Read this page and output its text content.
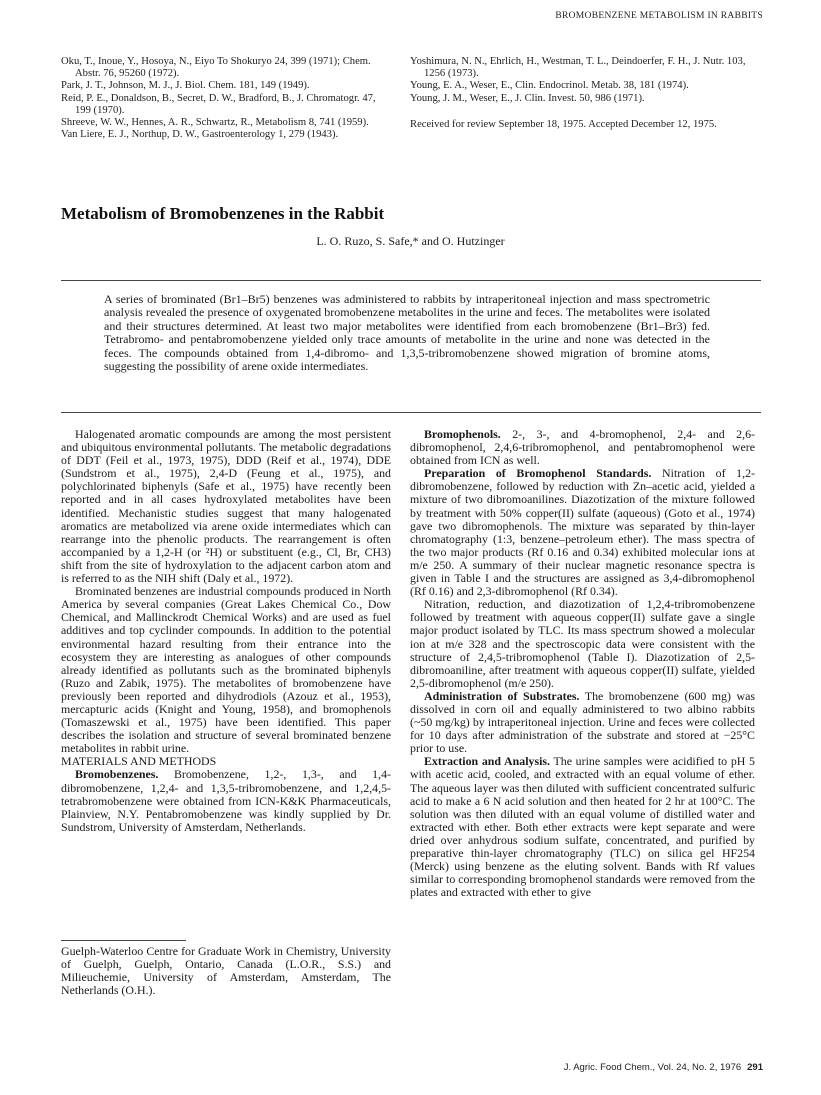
BROMOBENZENE METABOLISM IN RABBITS
Oku, T., Inoue, Y., Hosoya, N., Eiyo To Shokuryo 24, 399 (1971); Chem. Abstr. 76, 95260 (1972).
Park, J. T., Johnson, M. J., J. Biol. Chem. 181, 149 (1949).
Reid, P. E., Donaldson, B., Secret, D. W., Bradford, B., J. Chromatogr. 47, 199 (1970).
Shreeve, W. W., Hennes, A. R., Schwartz, R., Metabolism 8, 741 (1959).
Van Liere, E. J., Northup, D. W., Gastroenterology 1, 279 (1943).
Yoshimura, N. N., Ehrlich, H., Westman, T. L., Deindoerfer, F. H., J. Nutr. 103, 1256 (1973).
Young, E. A., Weser, E., Clin. Endocrinol. Metab. 38, 181 (1974).
Young, J. M., Weser, E., J. Clin. Invest. 50, 986 (1971).
Received for review September 18, 1975. Accepted December 12, 1975.
Metabolism of Bromobenzenes in the Rabbit
L. O. Ruzo, S. Safe,* and O. Hutzinger
A series of brominated (Br1–Br5) benzenes was administered to rabbits by intraperitoneal injection and mass spectrometric analysis revealed the presence of oxygenated bromobenzene metabolites in the urine and feces. The metabolites were isolated and their structures determined. At least two major metabolites were identified from each bromobenzene (Br1–Br3) fed. Tetrabromo- and pentabromobenzene yielded only trace amounts of metabolite in the urine and none was detected in the feces. The compounds obtained from 1,4-dibromo- and 1,3,5-tribromobenzene showed migration of bromine atoms, suggesting the possibility of arene oxide intermediates.

Halogenated aromatic compounds are among the most persistent and ubiquitous environmental pollutants. The metabolic degradations of DDT (Feil et al., 1973, 1975), DDD (Reif et al., 1974), DDE (Sundstrom et al., 1975), 2,4-D (Feung et al., 1975), and polychlorinated biphenyls (Safe et al., 1975) have recently been reported and in all cases hydroxylated metabolites have been identified. Mechanistic studies suggest that many halogenated aromatics are metabolized via arene oxide intermediates which can rearrange into the phenolic products. The rearrangement is often accompanied by a 1,2-H (or ²H) or substituent (e.g., Cl, Br, CH3) shift from the site of hydroxylation to the adjacent carbon atom and is referred to as the NIH shift (Daly et al., 1972).

Brominated benzenes are industrial compounds produced in North America by several companies (Great Lakes Chemical Co., Dow Chemical, and Mallinckrodt Chemical Works) and are used as fuel additives and top cyclinder compounds. In addition to the potential environmental hazard resulting from their entrance into the ecosystem they are interesting as analogues of other compounds already identified as pollutants such as the brominated biphenyls (Ruzo and Zabik, 1975). The metabolites of bromobenzene have previously been reported and dihydrodiols (Azouz et al., 1953), mercapturic acids (Knight and Young, 1958), and bromophenols (Tomaszewski et al., 1975) have been identified. This paper describes the isolation and structure of several brominated benzene metabolites in rabbit urine.

MATERIALS AND METHODS

Bromobenzenes. Bromobenzene, 1,2-, 1,3-, and 1,4-dibromobenzene, 1,2,4- and 1,3,5-tribromobenzene, and 1,2,4,5-tetrabromobenzene were obtained from ICN-K&K Pharmaceuticals, Plainview, N.Y. Pentabromobenzene was kindly supplied by Dr. Sundstrom, University of Amsterdam, Netherlands.

Guelph-Waterloo Centre for Graduate Work in Chemistry, University of Guelph, Guelph, Ontario, Canada (L.O.R., S.S.) and Milieuchemie, University of Amsterdam, Amsterdam, The Netherlands (O.H.).

Bromophenols. 2-, 3-, and 4-bromophenol, 2,4- and 2,6-dibromophenol, 2,4,6-tribromophenol, and pentabromophenol were obtained from ICN as well.

Preparation of Bromophenol Standards. Nitration of 1,2-dibromobenzene, followed by reduction with Zn–acetic acid, yielded a mixture of two dibromoanilines. Diazotization of the mixture followed by treatment with 50% copper(II) sulfate (aqueous) (Goto et al., 1974) gave two dibromophenols. The mixture was separated by thin-layer chromatography (1:3, benzene–petroleum ether). The mass spectra of the two major products (Rf 0.16 and 0.34) exhibited molecular ions at m/e 250. A summary of their nuclear magnetic resonance spectra is given in Table I and the structures are assigned as 3,4-dibromophenol (Rf 0.16) and 2,3-dibromophenol (Rf 0.34).

Nitration, reduction, and diazotization of 1,2,4-tribromobenzene followed by treatment with aqueous copper(II) sulfate gave a single major product isolated by TLC. Its mass spectrum showed a molecular ion at m/e 328 and the spectroscopic data were consistent with the structure of 2,4,5-tribromophenol (Table I). Diazotization of 2,5-dibromoaniline, after treatment with aqueous copper(II) sulfate, yielded 2,5-dibromophenol (m/e 250).

Administration of Substrates. The bromobenzene (600 mg) was dissolved in corn oil and equally administered to two albino rabbits (~50 mg/kg) by intraperitoneal injection. Urine and feces were collected for 10 days after administration of the substrate and stored at −25°C prior to use.

Extraction and Analysis. The urine samples were acidified to pH 5 with acetic acid, cooled, and extracted with an equal volume of ether. The aqueous layer was then diluted with sufficient concentrated sulfuric acid to make a 6 N acid solution and then heated for 2 hr at 100°C. The solution was then diluted with an equal volume of distilled water and extracted with ether. Both ether extracts were kept separate and were dried over anhydrous sodium sulfate, concentrated, and purified by preparative thin-layer chromatography (TLC) on silica gel HF254 (Merck) using benzene as the eluting solvent. Bands with Rf values similar to corresponding bromophenol standards were removed from the plates and extracted with ether to give

J. Agric. Food Chem., Vol. 24, No. 2, 1976 291
